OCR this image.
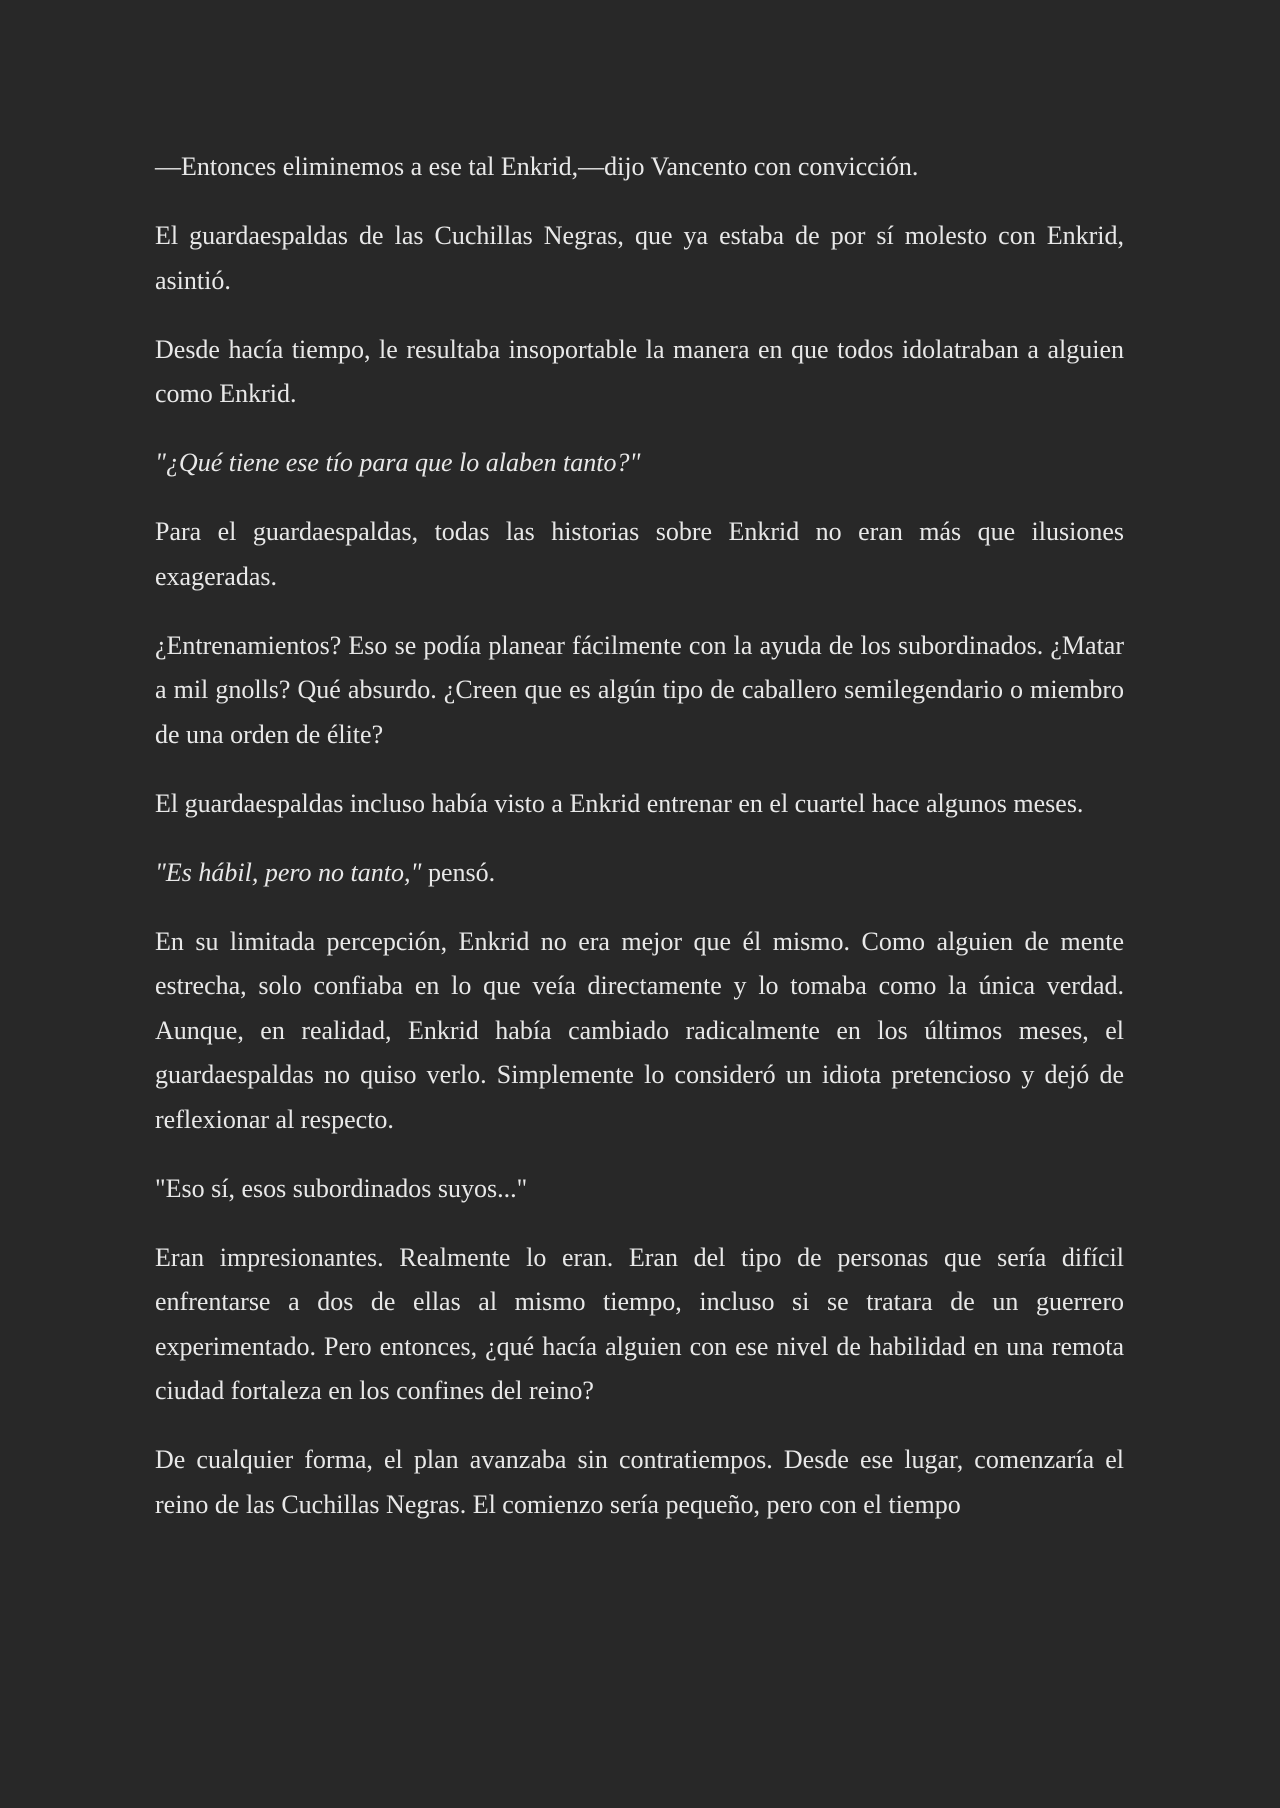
—Entonces eliminemos a ese tal Enkrid,—dijo Vancento con convicción.

El guardaespaldas de las Cuchillas Negras, que ya estaba de por sí molesto con Enkrid, asintió.

Desde hacía tiempo, le resultaba insoportable la manera en que todos idolatraban a alguien como Enkrid.

"¿Qué tiene ese tío para que lo alaben tanto?"

Para el guardaespaldas, todas las historias sobre Enkrid no eran más que ilusiones exageradas.

¿Entrenamientos? Eso se podía planear fácilmente con la ayuda de los subordinados. ¿Matar a mil gnolls? Qué absurdo. ¿Creen que es algún tipo de caballero semilegendario o miembro de una orden de élite?

El guardaespaldas incluso había visto a Enkrid entrenar en el cuartel hace algunos meses.

"Es hábil, pero no tanto," pensó.

En su limitada percepción, Enkrid no era mejor que él mismo. Como alguien de mente estrecha, solo confiaba en lo que veía directamente y lo tomaba como la única verdad. Aunque, en realidad, Enkrid había cambiado radicalmente en los últimos meses, el guardaespaldas no quiso verlo. Simplemente lo consideró un idiota pretencioso y dejó de reflexionar al respecto.

"Eso sí, esos subordinados suyos..."

Eran impresionantes. Realmente lo eran. Eran del tipo de personas que sería difícil enfrentarse a dos de ellas al mismo tiempo, incluso si se tratara de un guerrero experimentado. Pero entonces, ¿qué hacía alguien con ese nivel de habilidad en una remota ciudad fortaleza en los confines del reino?

De cualquier forma, el plan avanzaba sin contratiempos. Desde ese lugar, comenzaría el reino de las Cuchillas Negras. El comienzo sería pequeño, pero con el tiempo
